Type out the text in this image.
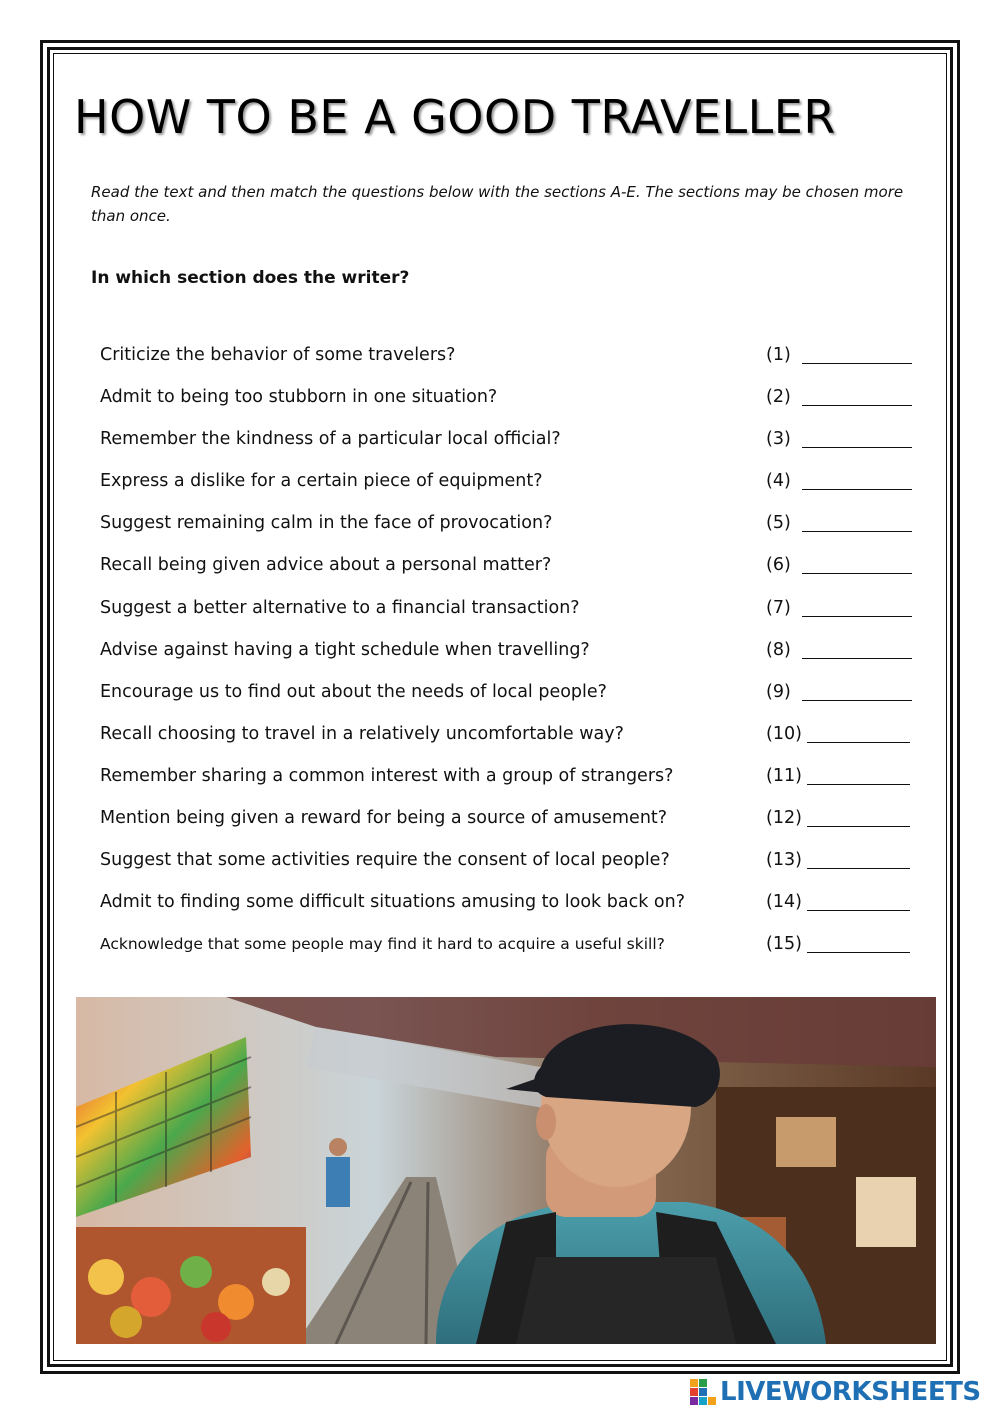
HOW TO BE A GOOD TRAVELLER
Read the text and then match the questions below with the sections A-E. The sections may be chosen more than once.
In which section does the writer?
Criticize the behavior of some travelers?	(1)
Admit to being too stubborn in one situation?	(2)
Remember the kindness of a particular local official?	(3)
Express a dislike for a certain piece of equipment?	(4)
Suggest remaining calm in the face of provocation?	(5)
Recall being given advice about a personal matter?	(6)
Suggest a better alternative to a financial transaction?	(7)
Advise against having a tight schedule when travelling?	(8)
Encourage us to find out about the needs of local people?	(9)
Recall choosing to travel in a relatively uncomfortable way?	(10)
Remember sharing a common interest with a group of strangers?	(11)
Mention being given a reward for being a source of amusement?	(12)
Suggest that some activities require the consent of local people?	(13)
Admit to finding some difficult situations amusing to look back on?	(14)
Acknowledge that some people may find it hard to acquire a useful skill?	(15)
LIVEWORKSHEETS
